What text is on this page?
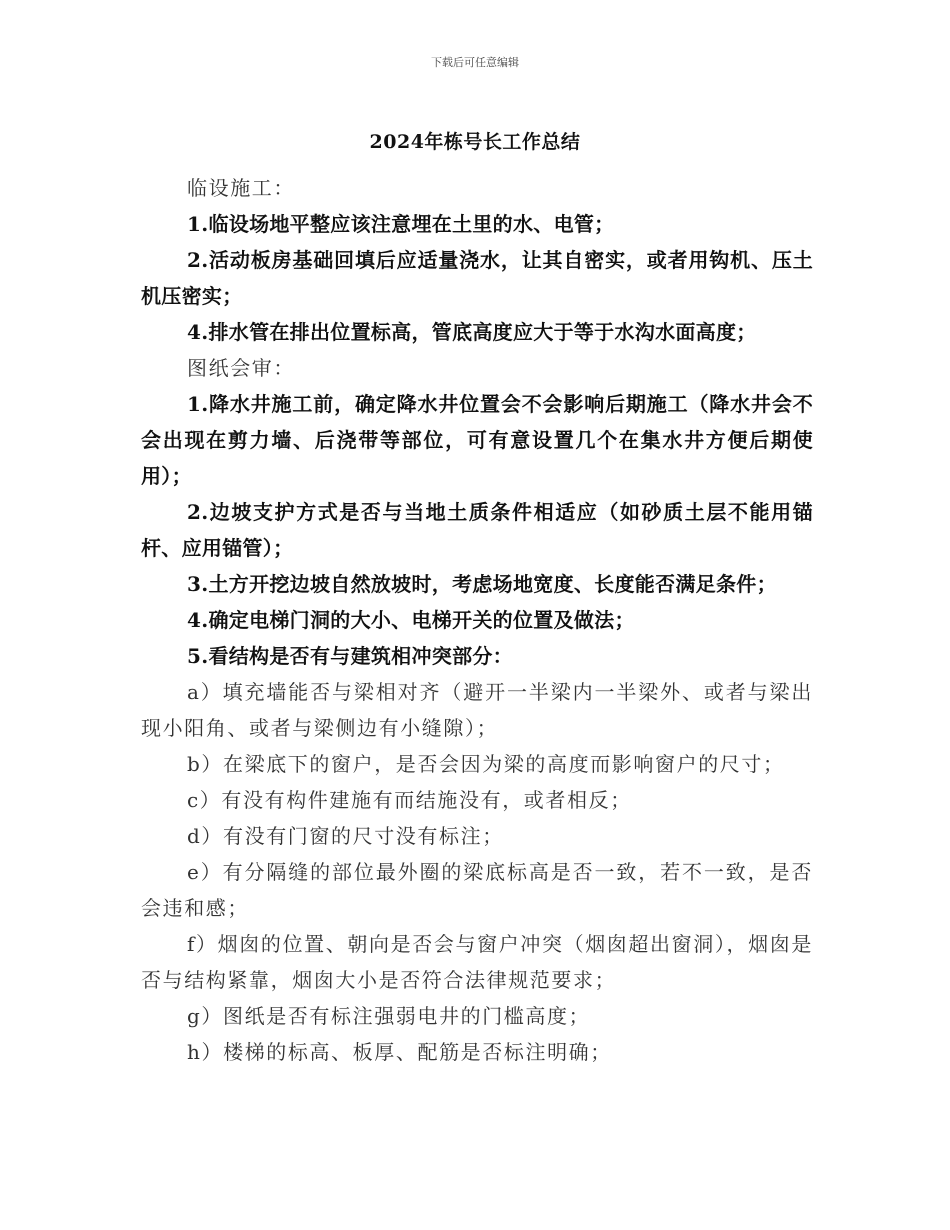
下载后可任意编辑
2024年栋号长工作总结

临设施工：

1.临设场地平整应该注意埋在土里的水、电管；

2.活动板房基础回填后应适量浇水，让其自密实，或者用钩机、压土机压密实；

4.排水管在排出位置标高，管底高度应大于等于水沟水面高度；

图纸会审：

1.降水井施工前，确定降水井位置会不会影响后期施工（降水井会不会出现在剪力墙、后浇带等部位，可有意设置几个在集水井方便后期使用）；

2.边坡支护方式是否与当地土质条件相适应（如砂质土层不能用锚杆、应用锚管）；

3.土方开挖边坡自然放坡时，考虑场地宽度、长度能否满足条件；

4.确定电梯门洞的大小、电梯开关的位置及做法；

5.看结构是否有与建筑相冲突部分：

a）填充墙能否与梁相对齐（避开一半梁内一半梁外、或者与梁出现小阳角、或者与梁侧边有小缝隙）；

b）在梁底下的窗户，是否会因为梁的高度而影响窗户的尺寸；

c）有没有构件建施有而结施没有，或者相反；

d）有没有门窗的尺寸没有标注；

e）有分隔缝的部位最外圈的梁底标高是否一致，若不一致，是否会违和感；

f）烟囱的位置、朝向是否会与窗户冲突（烟囱超出窗洞），烟囱是否与结构紧靠，烟囱大小是否符合法律规范要求；

g）图纸是否有标注强弱电井的门槛高度；

h）楼梯的标高、板厚、配筋是否标注明确；
